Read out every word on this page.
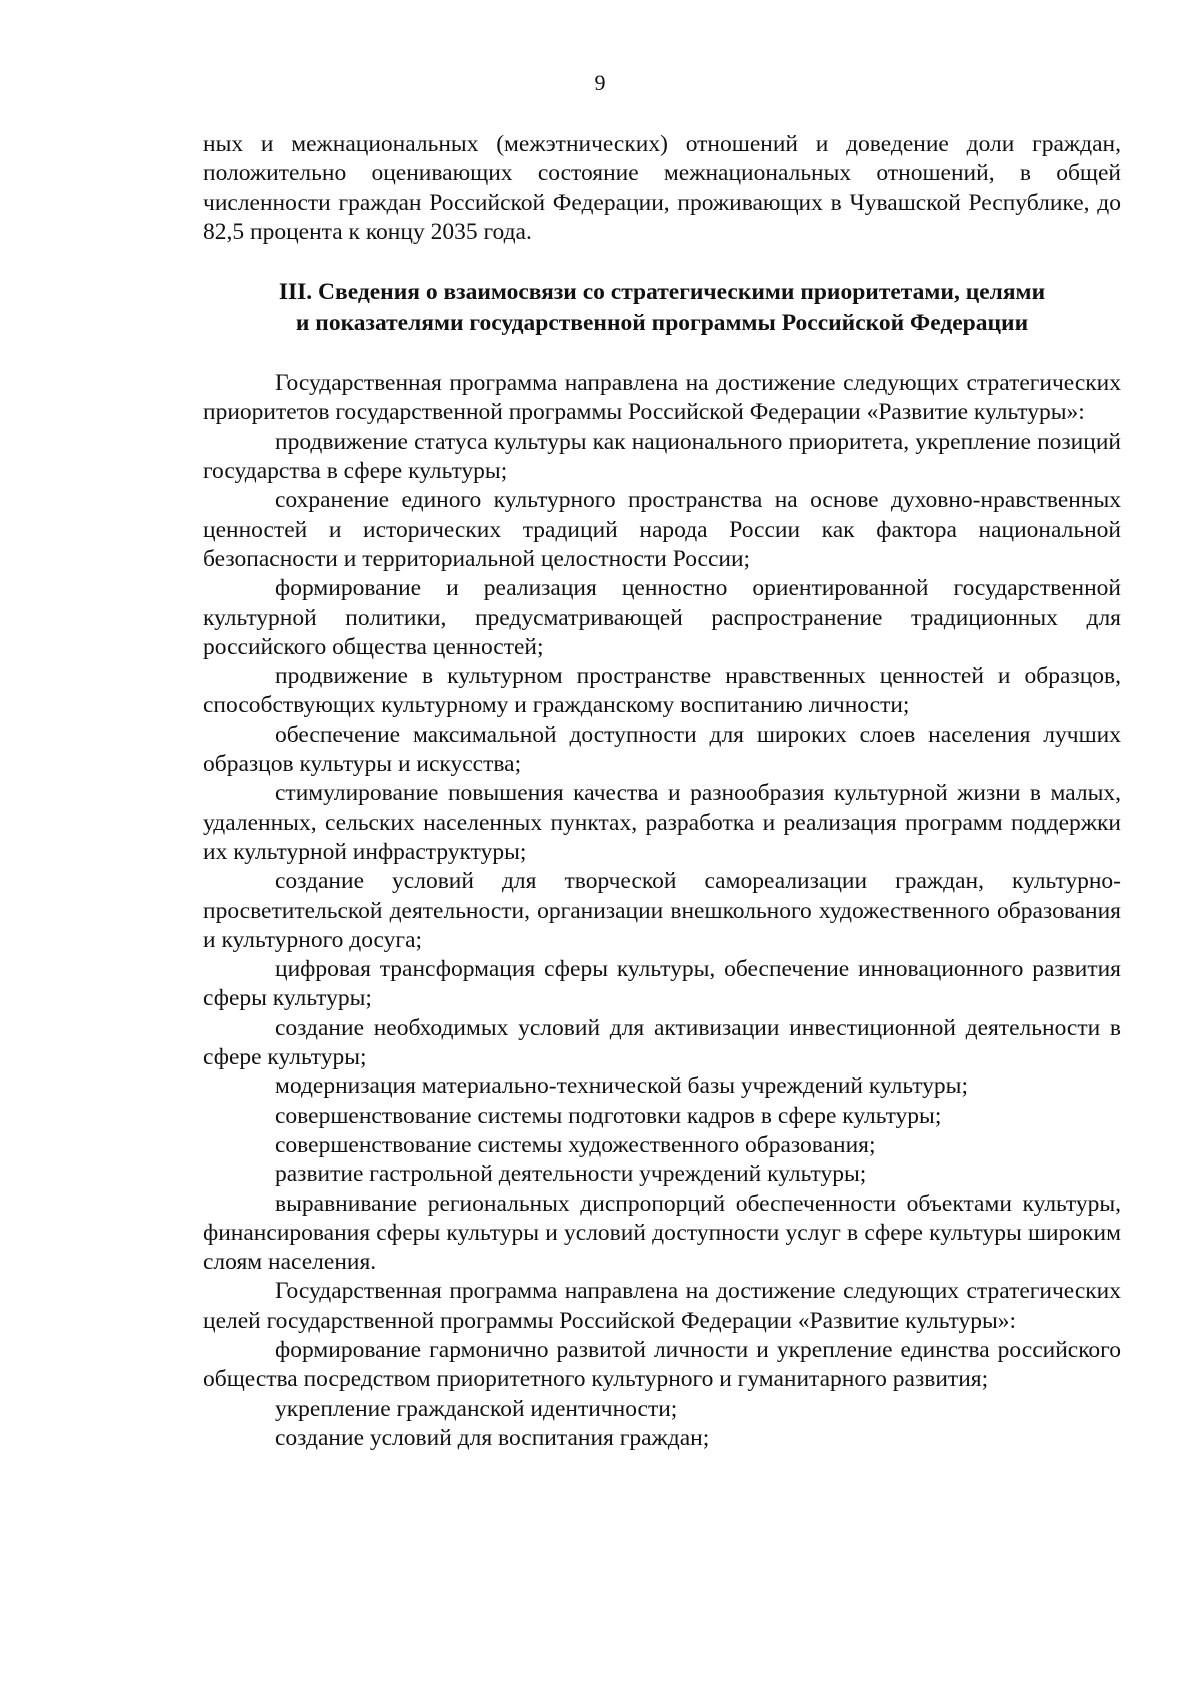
9

ных и межнациональных (межэтнических) отношений и доведение доли граждан, положительно оценивающих состояние межнациональных отношений, в общей численности граждан Российской Федерации, проживающих в Чувашской Республике, до 82,5 процента к концу 2035 года.

III. Сведения о взаимосвязи со стратегическими приоритетами, целями
и показателями государственной программы Российской Федерации

Государственная программа направлена на достижение следующих стратегических приоритетов государственной программы Российской Федерации «Развитие культуры»:

продвижение статуса культуры как национального приоритета, укрепление позиций государства в сфере культуры;

сохранение единого культурного пространства на основе духовно-нравственных ценностей и исторических традиций народа России как фактора национальной безопасности и территориальной целостности России;

формирование и реализация ценностно ориентированной государственной культурной политики, предусматривающей распространение традиционных для российского общества ценностей;

продвижение в культурном пространстве нравственных ценностей и образцов, способствующих культурному и гражданскому воспитанию личности;

обеспечение максимальной доступности для широких слоев населения лучших образцов культуры и искусства;

стимулирование повышения качества и разнообразия культурной жизни в малых, удаленных, сельских населенных пунктах, разработка и реализация программ поддержки их культурной инфраструктуры;

создание условий для творческой самореализации граждан, культурно-просветительской деятельности, организации внешкольного художественного образования и культурного досуга;

цифровая трансформация сферы культуры, обеспечение инновационного развития сферы культуры;

создание необходимых условий для активизации инвестиционной деятельности в сфере культуры;

модернизация материально-технической базы учреждений культуры;

совершенствование системы подготовки кадров в сфере культуры;

совершенствование системы художественного образования;

развитие гастрольной деятельности учреждений культуры;

выравнивание региональных диспропорций обеспеченности объектами культуры, финансирования сферы культуры и условий доступности услуг в сфере культуры широким слоям населения.

Государственная программа направлена на достижение следующих стратегических целей государственной программы Российской Федерации «Развитие культуры»:

формирование гармонично развитой личности и укрепление единства российского общества посредством приоритетного культурного и гуманитарного развития;

укрепление гражданской идентичности;

создание условий для воспитания граждан;
